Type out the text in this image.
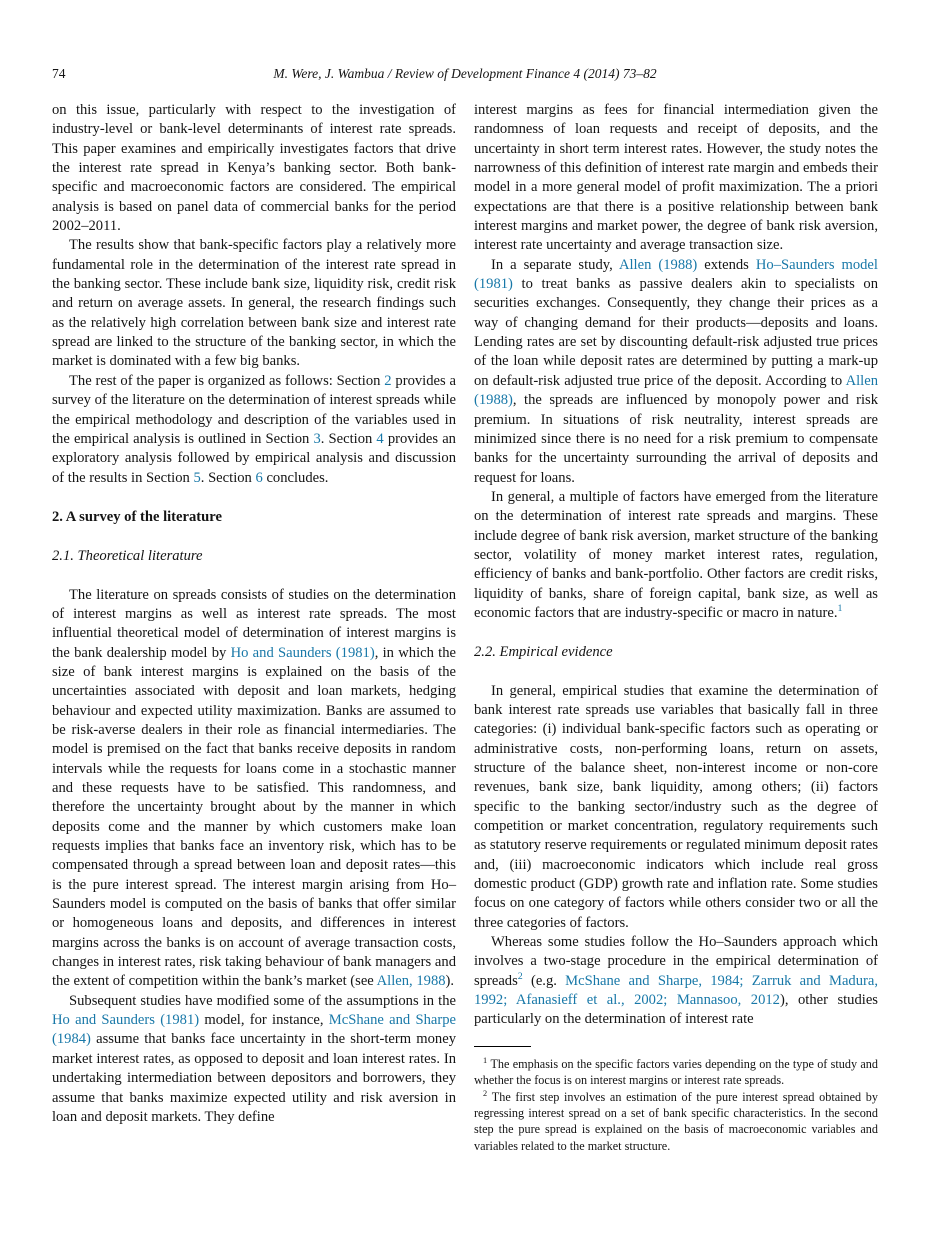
74	M. Were, J. Wambua / Review of Development Finance 4 (2014) 73–82

on this issue, particularly with respect to the investigation of industry-level or bank-level determinants of interest rate spreads. This paper examines and empirically investigates factors that drive the interest rate spread in Kenya’s banking sector. Both bank-specific and macroeconomic factors are considered. The empirical analysis is based on panel data of commercial banks for the period 2002–2011.

The results show that bank-specific factors play a relatively more fundamental role in the determination of the interest rate spread in the banking sector. These include bank size, liquidity risk, credit risk and return on average assets. In general, the research findings such as the relatively high correlation between bank size and interest rate spread are linked to the structure of the banking sector, in which the market is dominated with a few big banks.

The rest of the paper is organized as follows: Section 2 provides a survey of the literature on the determination of interest spreads while the empirical methodology and description of the variables used in the empirical analysis is outlined in Section 3. Section 4 provides an exploratory analysis followed by empirical analysis and discussion of the results in Section 5. Section 6 concludes.

2. A survey of the literature
2.1. Theoretical literature

The literature on spreads consists of studies on the determination of interest margins as well as interest rate spreads. The most influential theoretical model of determination of interest margins is the bank dealership model by Ho and Saunders (1981), in which the size of bank interest margins is explained on the basis of the uncertainties associated with deposit and loan markets, hedging behaviour and expected utility maximization. Banks are assumed to be risk-averse dealers in their role as financial intermediaries. The model is premised on the fact that banks receive deposits in random intervals while the requests for loans come in a stochastic manner and these requests have to be satisfied. This randomness, and therefore the uncertainty brought about by the manner in which deposits come and the manner by which customers make loan requests implies that banks face an inventory risk, which has to be compensated through a spread between loan and deposit rates—this is the pure interest spread. The interest margin arising from Ho–Saunders model is computed on the basis of banks that offer similar or homogeneous loans and deposits, and differences in interest margins across the banks is on account of average transaction costs, changes in interest rates, risk taking behaviour of bank managers and the extent of competition within the bank’s market (see Allen, 1988).

Subsequent studies have modified some of the assumptions in the Ho and Saunders (1981) model, for instance, McShane and Sharpe (1984) assume that banks face uncertainty in the short-term money market interest rates, as opposed to deposit and loan interest rates. In undertaking intermediation between depositors and borrowers, they assume that banks maximize expected utility and risk aversion in loan and deposit markets. They define

interest margins as fees for financial intermediation given the randomness of loan requests and receipt of deposits, and the uncertainty in short term interest rates. However, the study notes the narrowness of this definition of interest rate margin and embeds their model in a more general model of profit maximization. The a priori expectations are that there is a positive relationship between bank interest margins and market power, the degree of bank risk aversion, interest rate uncertainty and average transaction size.

In a separate study, Allen (1988) extends Ho–Saunders model (1981) to treat banks as passive dealers akin to specialists on securities exchanges. Consequently, they change their prices as a way of changing demand for their products—deposits and loans. Lending rates are set by discounting default-risk adjusted true prices of the loan while deposit rates are determined by putting a mark-up on default-risk adjusted true price of the deposit. According to Allen (1988), the spreads are influenced by monopoly power and risk premium. In situations of risk neutrality, interest spreads are minimized since there is no need for a risk premium to compensate banks for the uncertainty surrounding the arrival of deposits and request for loans.

In general, a multiple of factors have emerged from the literature on the determination of interest rate spreads and margins. These include degree of bank risk aversion, market structure of the banking sector, volatility of money market interest rates, regulation, efficiency of banks and bank-portfolio. Other factors are credit risks, liquidity of banks, share of foreign capital, bank size, as well as economic factors that are industry-specific or macro in nature.$^1$

2.2. Empirical evidence

In general, empirical studies that examine the determination of bank interest rate spreads use variables that basically fall in three categories: (i) individual bank-specific factors such as operating or administrative costs, non-performing loans, return on assets, structure of the balance sheet, non-interest income or non-core revenues, bank size, bank liquidity, among others; (ii) factors specific to the banking sector/industry such as the degree of competition or market concentration, regulatory requirements such as statutory reserve requirements or regulated minimum deposit rates and, (iii) macroeconomic indicators which include real gross domestic product (GDP) growth rate and inflation rate. Some studies focus on one category of factors while others consider two or all the three categories of factors.

Whereas some studies follow the Ho–Saunders approach which involves a two-stage procedure in the empirical determination of spreads$^2$ (e.g. McShane and Sharpe, 1984; Zarruk and Madura, 1992; Afanasieff et al., 2002; Mannasoo, 2012), other studies particularly on the determination of interest rate

$^1$ The emphasis on the specific factors varies depending on the type of study and whether the focus is on interest margins or interest rate spreads.

$^2$ The first step involves an estimation of the pure interest spread obtained by regressing interest spread on a set of bank specific characteristics. In the second step the pure spread is explained on the basis of macroeconomic variables and variables related to the market structure.
